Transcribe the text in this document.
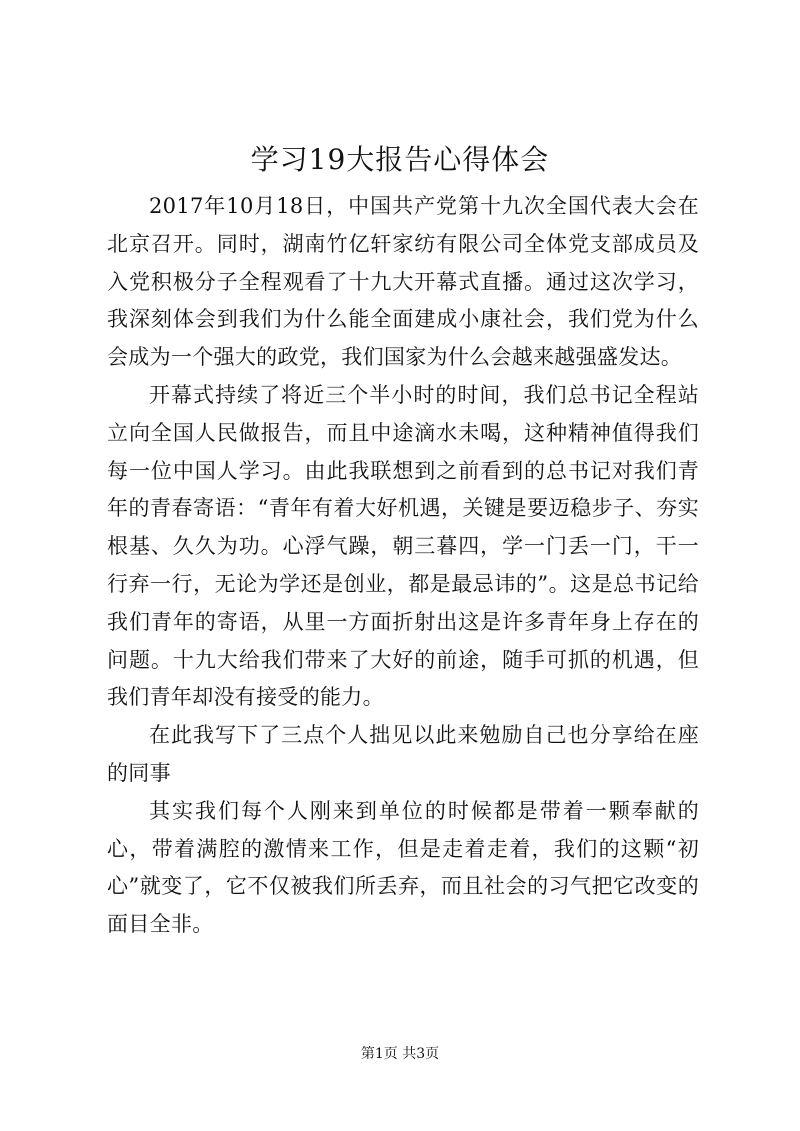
学习19大报告心得体会

2017年10月18日，中国共产党第十九次全国代表大会在北京召开。同时，湖南竹亿轩家纺有限公司全体党支部成员及入党积极分子全程观看了十九大开幕式直播。通过这次学习，我深刻体会到我们为什么能全面建成小康社会，我们党为什么会成为一个强大的政党，我们国家为什么会越来越强盛发达。

开幕式持续了将近三个半小时的时间，我们总书记全程站立向全国人民做报告，而且中途滴水未喝，这种精神值得我们每一位中国人学习。由此我联想到之前看到的总书记对我们青年的青春寄语：“青年有着大好机遇，关键是要迈稳步子、夯实根基、久久为功。心浮气躁，朝三暮四，学一门丢一门，干一行弃一行，无论为学还是创业，都是最忌讳的”。这是总书记给我们青年的寄语，从里一方面折射出这是许多青年身上存在的问题。十九大给我们带来了大好的前途，随手可抓的机遇，但我们青年却没有接受的能力。

在此我写下了三点个人拙见以此来勉励自己也分享给在座的同事

其实我们每个人刚来到单位的时候都是带着一颗奉献的心，带着满腔的激情来工作，但是走着走着，我们的这颗“初心”就变了，它不仅被我们所丢弃，而且社会的习气把它改变的面目全非。

第1页 共3页
